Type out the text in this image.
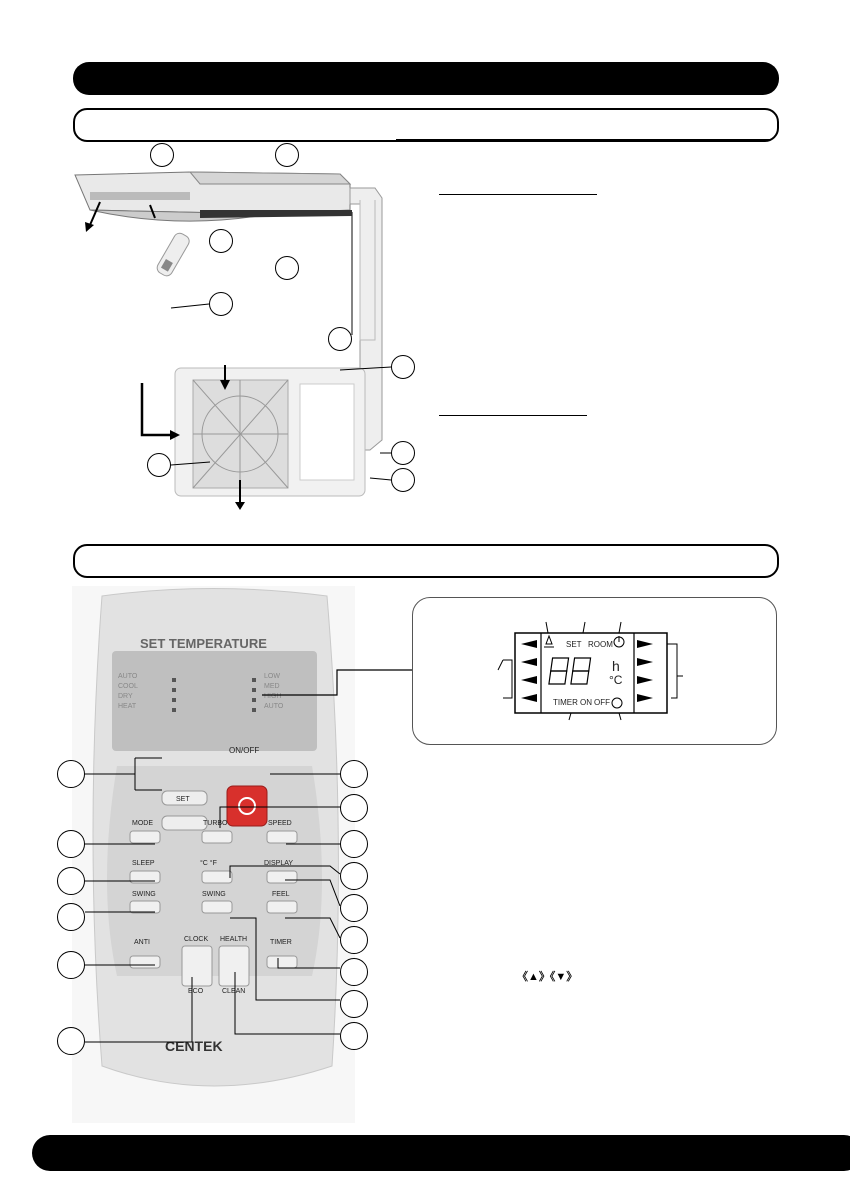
SET TEMPERATURE
ON/OFF
SET
MODE	TURBO	SPEED
SLEEP	°C °F	DISPLAY
SWING	SWING	FEEL
ANTI	CLOCK HEALTH	TIMER
ECO	CLEAN
CENTEK
AUTO
COOL
DRY
HEAT
LOW
MED
HIGH
AUTO
SET ROOM
h
°C
TIMER ON OFF
《▲》《▼》
